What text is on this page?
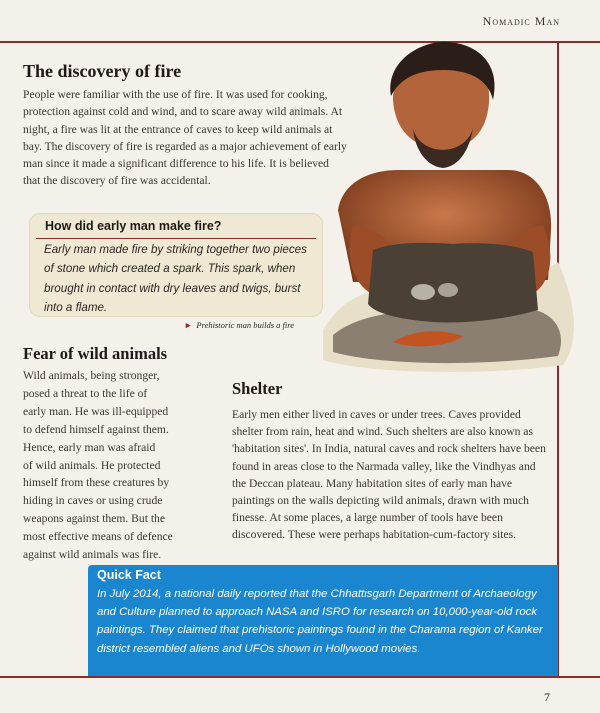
Nomadic Man
The discovery of fire

People were familiar with the use of fire. It was used for cooking, protection against cold and wind, and to scare away wild animals. At night, a fire was lit at the entrance of caves to keep wild animals at bay. The discovery of fire is regarded as a major achievement of early man since it made a significant difference to his life. It is believed that the discovery of fire was accidental.

How did early man make fire?

Early man made fire by striking together two pieces of stone which created a spark. This spark, when brought in contact with dry leaves and twigs, burst into a flame.

► Prehistoric man builds a fire
Fear of wild animals

Wild animals, being stronger,
posed a threat to the life of
early man. He was ill-equipped
to defend himself against them.
Hence, early man was afraid
of wild animals. He protected
himself from these creatures by
hiding in caves or using crude
weapons against them. But the
most effective means of defence
against wild animals was fire.

Shelter

Early men either lived in caves or under trees. Caves provided shelter from rain, heat and wind. Such shelters are also known as 'habitation sites'. In India, natural caves and rock shelters have been found in areas close to the Narmada valley, like the Vindhyas and the Deccan plateau. Many habitation sites of early man have paintings on the walls depicting wild animals, drawn with much finesse. At some places, a large number of tools have been discovered. These were perhaps habitation-cum-factory sites.

Quick Fact

In July 2014, a national daily reported that the Chhattisgarh Department of Archaeology and Culture planned to approach NASA and ISRO for research on 10,000-year-old rock paintings. They claimed that prehistoric paintings found in the Charama region of Kanker district resembled aliens and UFOs shown in Hollywood movies.

7
